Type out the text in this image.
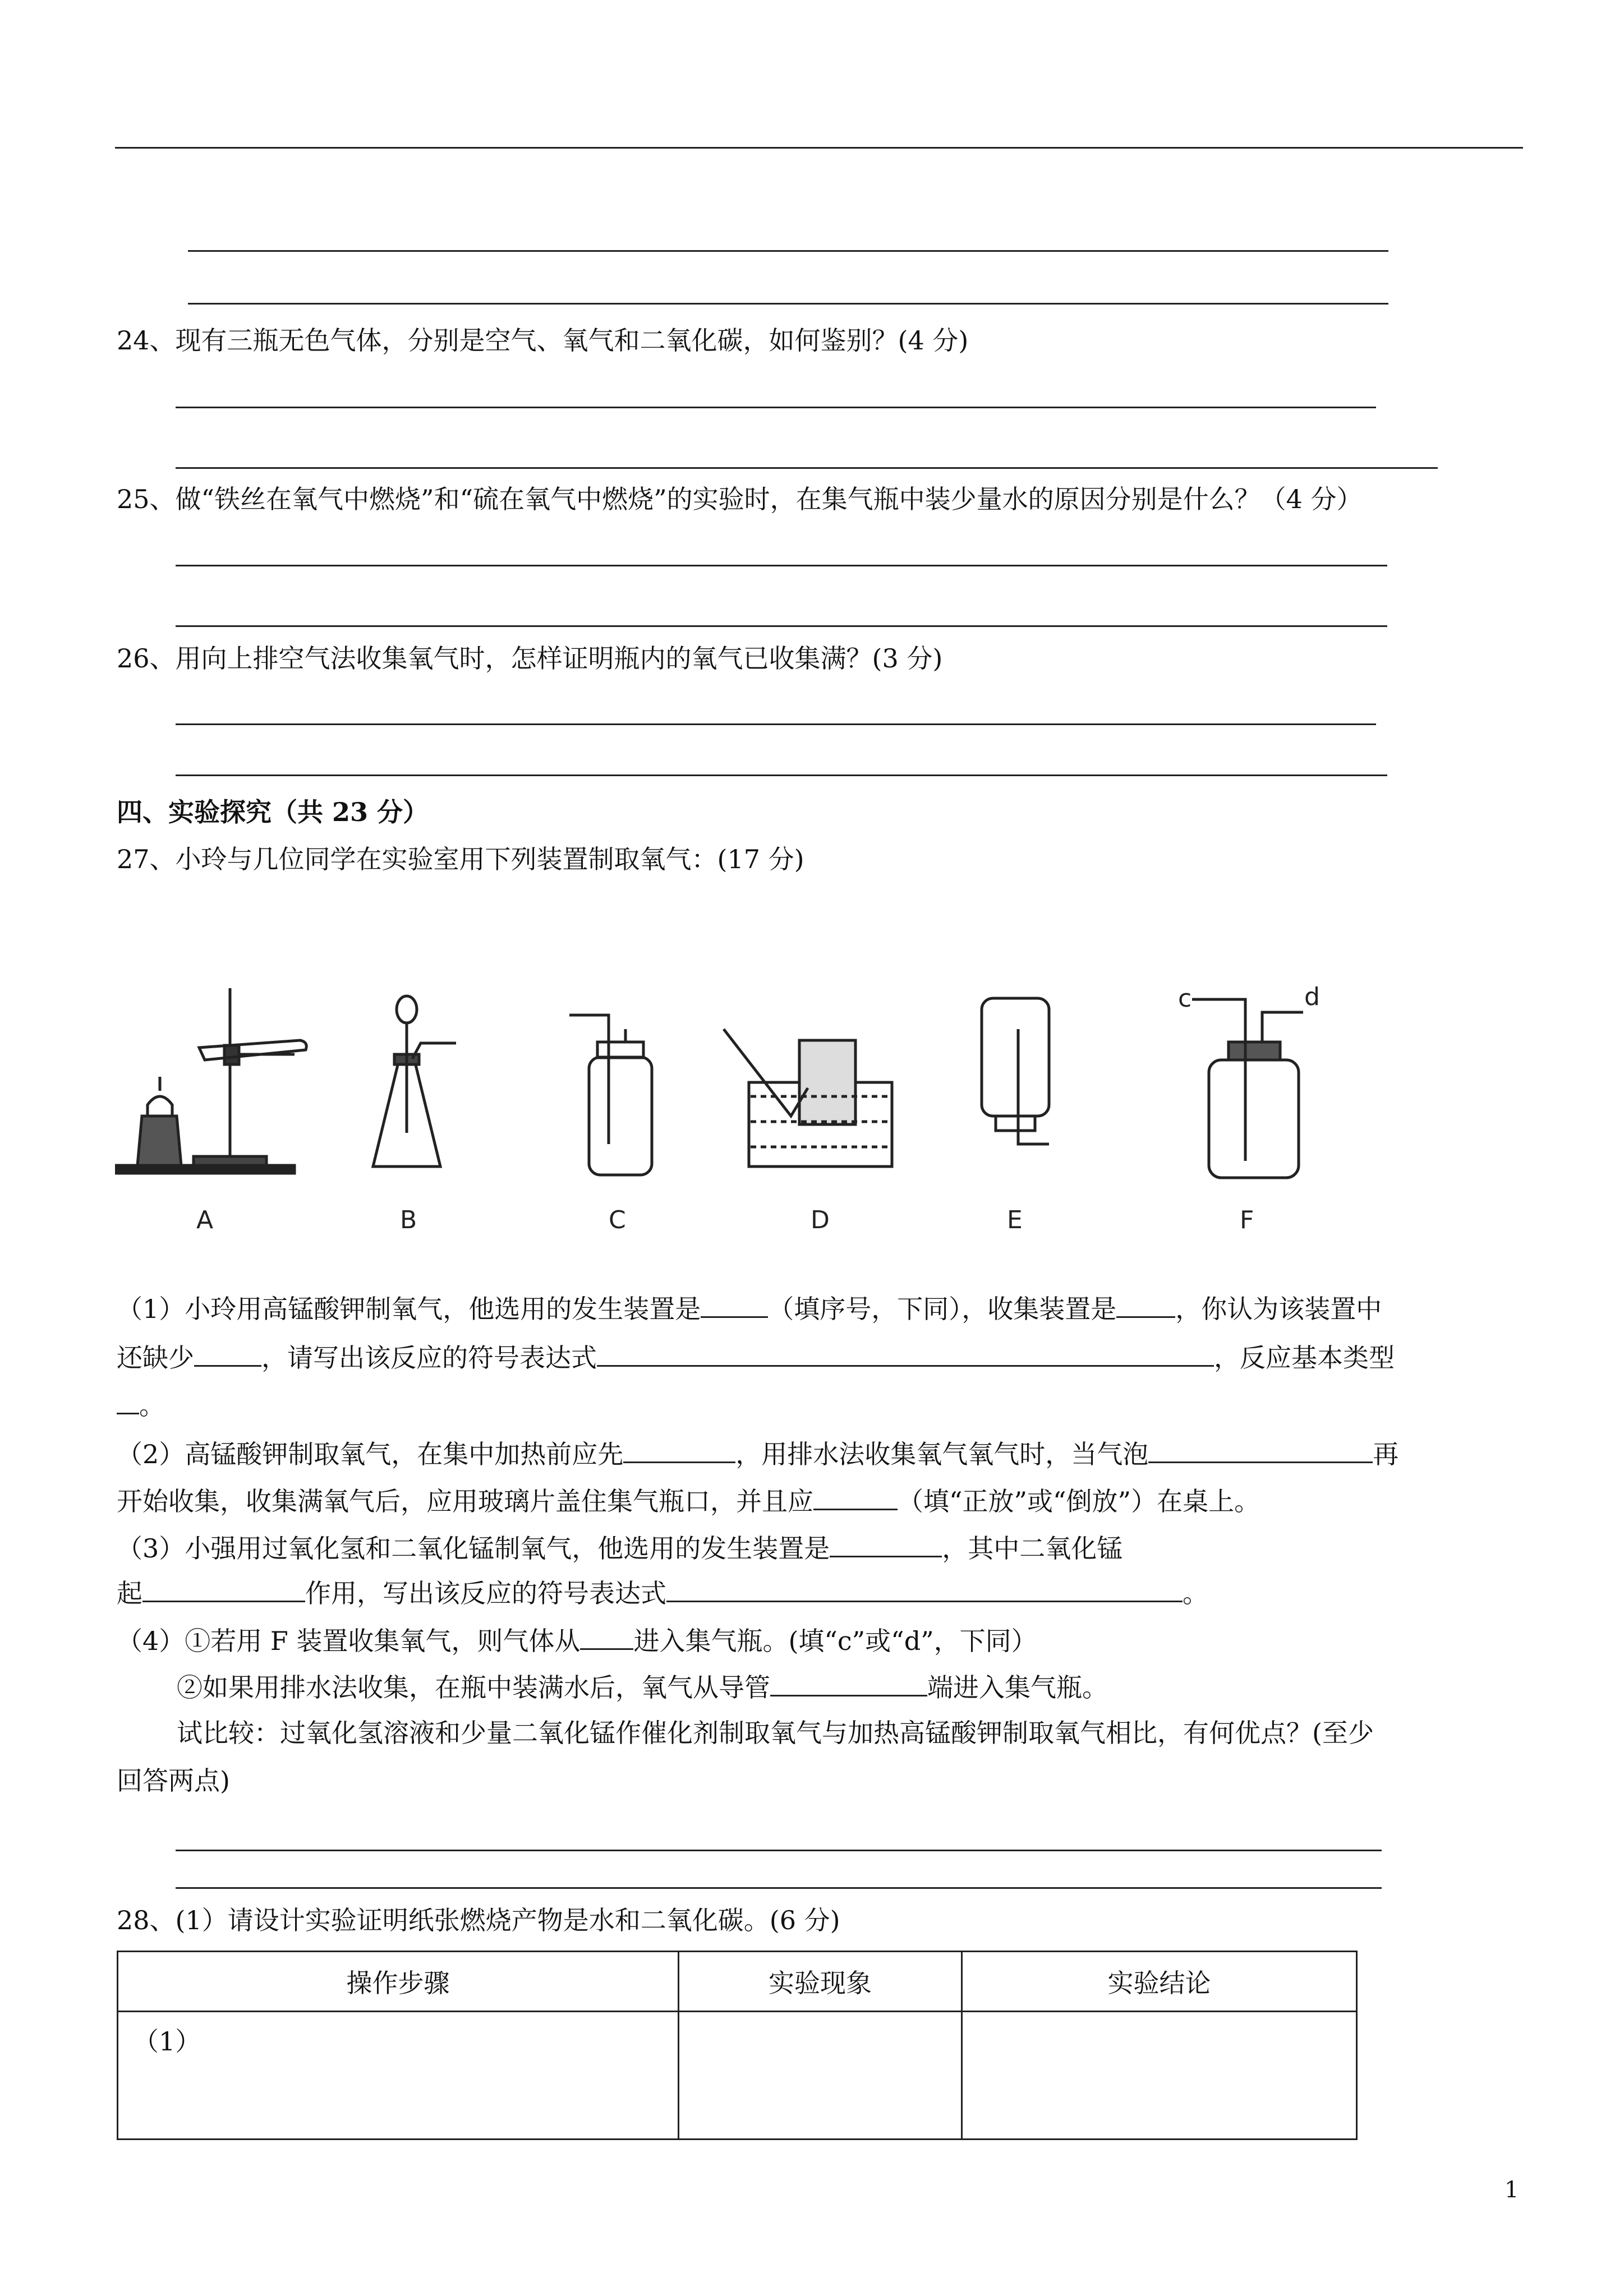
24、现有三瓶无色气体，分别是空气、氧气和二氧化碳，如何鉴别？(4 分)
25、做“铁丝在氧气中燃烧”和“硫在氧气中燃烧”的实验时，在集气瓶中装少量水的原因分别是什么？（4 分）
26、用向上排空气法收集氧气时，怎样证明瓶内的氧气已收集满？(3 分)
四、实验探究（共 23 分）
27、小玲与几位同学在实验室用下列装置制取氧气：(17 分)
c	d
A	B	C	D	E	F
（1）小玲用高锰酸钾制氧气，他选用的发生装置是	（填序号，下同），收集装置是 ，你认为该装置中
还缺少	，请写出该反应的符号表达式	，反应基本类型
。
（2）高锰酸钾制取氧气，在集中加热前应先	，用排水法收集氧气氧气时，当气泡	再
开始收集，收集满氧气后，应用玻璃片盖住集气瓶口，并且应	（填“正放”或“倒放”）在桌上。
（3）小强用过氧化氢和二氧化锰制氧气，他选用的发生装置是	，其中二氧化锰
起	作用，写出该反应的符号表达式	。
（4）①若用 F 装置收集氧气，则气体从 进入集气瓶。(填“c”或“d”，下同）
②如果用排水法收集，在瓶中装满水后，氧气从导管	端进入集气瓶。
试比较：过氧化氢溶液和少量二氧化锰作催化剂制取氧气与加热高锰酸钾制取氧气相比，有何优点？(至少
回答两点)
28、(1）请设计实验证明纸张燃烧产物是水和二氧化碳。(6 分)
操作步骤	实验现象	实验结论
（1）		
1
